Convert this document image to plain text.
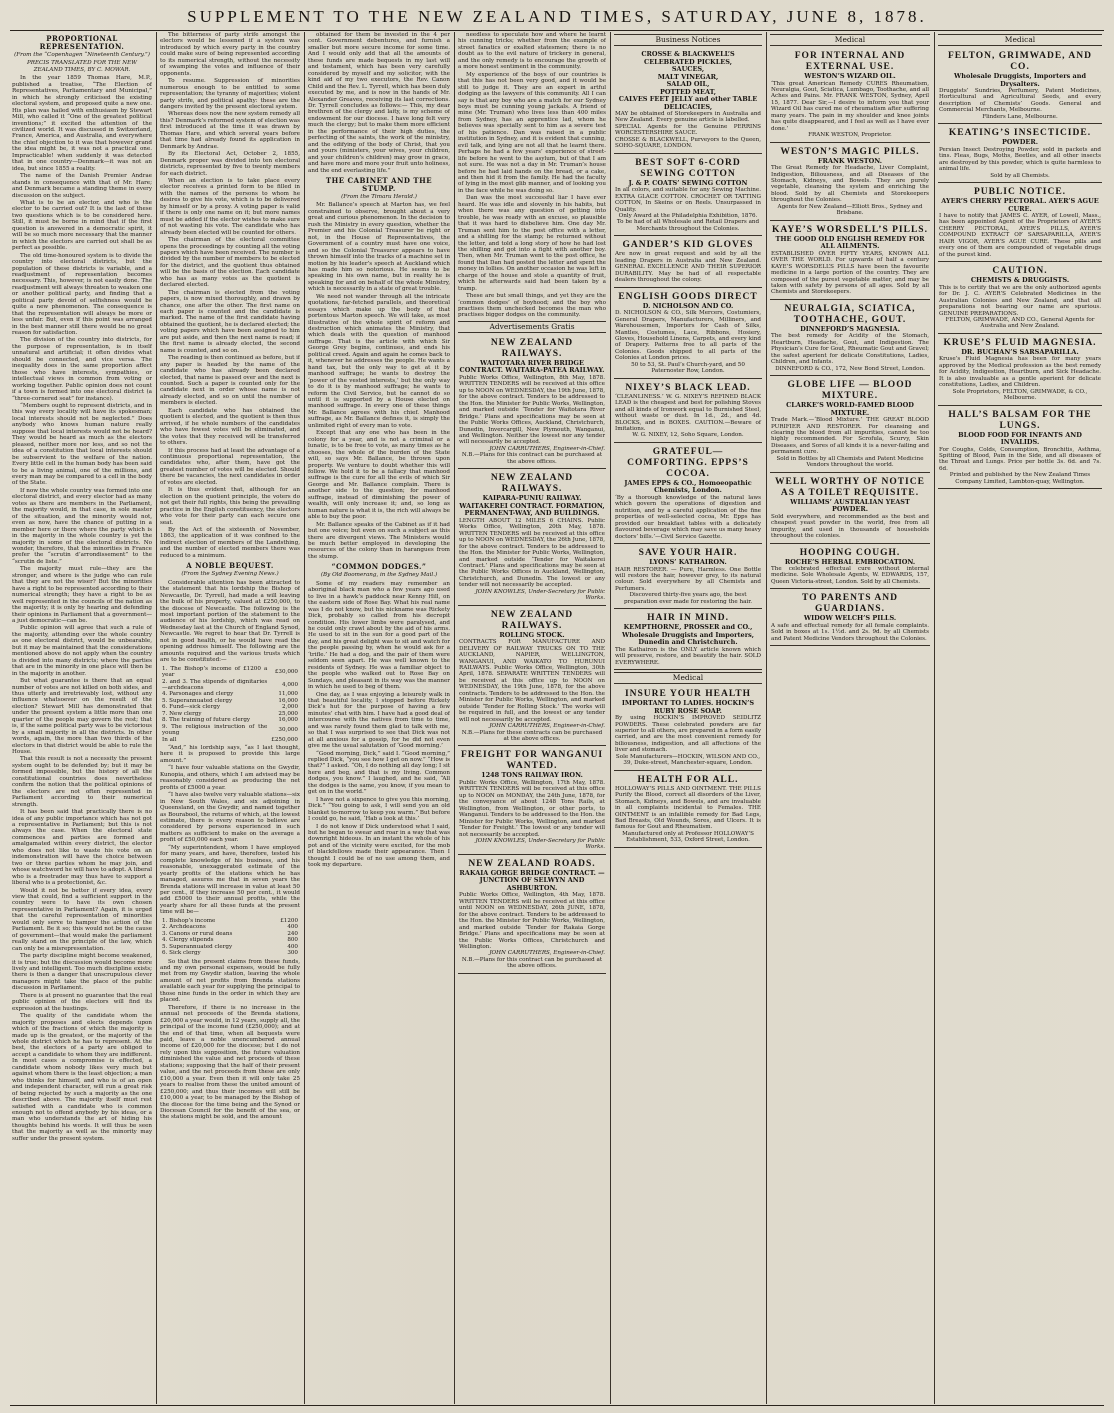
SUPPLEMENT TO THE NEW ZEALAND TIMES, SATURDAY, JUNE 8, 1878.
PROPORTIONAL REPRESENTATION.
(From the “Copenhagen “Nineteenth Century.”)
PRECIS TRANSLATED FOR THE NEW ZEALAND TIMES, BY C. MOWAR.

In the year 1859 Thomas Hare, M.P., published a treatise, “The Election of Representatives, Parliamentary and Municipal,” in which he strongly criticised the existing electoral system, and proposed quite a new one. His plan was hailed with enthusiasm by Stewart Mill, who called it “One of the greatest political inventions;” it excited the attention of the civilized world. It was discussed in Switzerland, France, America, and Australia, and everywhere the chief objection to it was that however grand the idea might be, it was not a practical one. Impracticable! when suddenly it was detected that in one country—Denmark—it was not an idea, but since 1855 a reality.

The name of the Danish Premier Andrae stands in consequence with that of Mr. Hare; and Denmark became a standing theme in every discussion on the subject.

What is to be an elector, and who is the elector to be carried out? It is the last of these two questions which is to be considered here. Still, it must be borne in mind that if the first question is answered in a democratic spirit, it will be so much more necessary that the manner in which the electors are carried out shall be as perfect as possible.

The old time-honoured system is to divide the country into electoral districts, but the population of these districts is variable, and a readjustment of representation becomes necessary. This, however, is not easily done. The readjustment will always threaten to weaken one or another political party, and finding that a political party devoid of selfishness would be quite a new phenomenon. The consequence is that the representation will always be more or less unfair. But, even if this point was arranged in the best manner still there would be no great reason for satisfaction.

The division of the country into districts, for the purpose of representation, is in itself unnatural and artificial; it often divides what should be connected, and vice versa. The inequality does in the same proportion affect those who have interests, sympathies, or intellectual views in common from voting or working together. Public opinion does not count if a town is formed into one electoral district (a “three-cornered seat” for instance).

“Members ought to represent districts, and in this way every locality will have its spokesman; local interests should not be neglected.” Does anybody who knows human nature really suppose that local interests would not be heard? They would be heard as much as the electors pleased, neither more nor less, and so not the idea of a constitution that local interests should be subservient to the welfare of the nation. Every little cell in the human body has been said to be a living animal, one of the millions, and every man may be compared to a cell in the body of the State.

If now the whole country was formed into one electoral district, and every elector had as many votes as there are members in the Parliament, the majority would, in that case, in sole master of the situation, and the minority would not, even as now, have the chance of putting in a member here or there where the party which is in the majority in the whole country is yet the majority in some of the electoral districts. No wonder, therefore, that the minorities in France prefer the “scrutin d’arrondissement” to the “scrutin de liste.”

The majority must rule—they are the stronger, and where is the judge who can rule that they are not the wiser? But the minorities have a right to be represented according to their numerical strength; they have a right to be as well represented in the councils of the nation as the majority; it is only by hearing and defending their opinions in Parliament that a government—a just democratic—can be.

Public opinion will agree that such a rule of the majority, attending over the whole country as one electoral district, would be unbearable, but it may be maintained that the considerations mentioned above do not apply when the country is divided into many districts; where the parties that are in the minority in one place will then be in the majority in another.

But what guarantee is there that an equal number of votes are not killed on both sides, and thus utterly and irretrievably lost, without any influence whatsoever on the result of the election? Stewart Mill has demonstrated that under the present system a little more than one quarter of the people may govern the rest; that is, if the same political party was to be victorious by a small majority in all the districts. In other words, again, the more than two thirds of the electors in that district would be able to rule the House.

That this result is not a necessity the present system ought to be defended by; but it may be formed impossible, but the history of all the constitutional countries does nevertheless confirm the notion that the political opinions of the electors are not often represented in Parliament according to their numerical strength.

It has been said that practically there is no idea of any public importance which has not got a representative in Parliament; but this is not always the case. When the electoral state commences and parties are formed and amalgamated within every district, the elector who does not like to waste his vote on an indemonstration will have the choice between two or three parties whom he may join, and whose watchword he will have to adopt. A liberal who is a freetrader may thus have to support a liberal who is a protectionist, &c.

Would it not be better if every idea, every view that could, find a sufficient support in the country were to have its own chosen representative in Parliament? Again, it is urged that the careful representation of minorities would only serve to hamper the action of the Parliament. Be it so; this would not be the cause of government—that would make the parliament really stand on the principle of the law, which can only be a misrepresentation.

The party discipline might become weakened, it is true; but the discussion would become more lively and intelligent. Too much discipline exists; there is then a danger that unscrupulous clever managers might take the place of the public discussion in Parliament.

There is at present no guarantee that the real public opinion of the electors will find its expression at the hustings.

The quality of the candidate whom the majority proposes and elects depends upon which of the fractions of which the majority is made up is the greatest, or the majority of the whole district which he has to represent. At the best, the electors of a party are obliged to accept a candidate to whom they are indifferent. In most cases a compromise is effected, a candidate whom nobody likes very much but against whom there is the least objection; a man who thinks for himself, and who is of an open and independent character, will run a great risk of being rejected by such a majority as the one described above. The majority itself must rest satisfied with a candidate who is common enough not to offend anybody by his ideas, or a man who understands the art of hiding his thoughts behind his words. It will thus be seen that the majority as well as the minority may suffer under the present system.

The bitterness of party strife amongst the electors would be lessened if a system was introduced by which every party in the country could make sure of being represented according to its numerical strength, without the necessity of swamping the votes and influence of their opponents.

To resume. Suppression of minorities numerous enough to be entitled to some representation; the tyranny of majorities; violent party strife, and political apathy: these are the dangers invited by the present electoral system.

Whereas does now the new system remedy all this? Denmark’s reformed system of election was first introduced at the time it was drawn by Thomas Hare, and which several years before that time had already found its application in Denmark by Andrae.

By its Electoral Act, October 2, 1855, Denmark proper was divided into ten electoral districts, represented by five to twenty members for each district.

When an election is to take place every elector receives a printed form to be filled in with the names of the persons to whom he desires to give his vote, which is to be delivered by himself or by a proxy. A voting paper is valid if there is only one name on it; but more names must be added if the elector wishes to make sure of not wasting his vote. The candidate who has already been elected will be counted for others.

The chairman of the electoral committee opens the proceedings by counting all the voting papers which have been received. The number is divided by the number of members to be elected for the district, and the quotient thus obtained will be the basis of the election. Each candidate who has as many votes as the quotient is declared elected.

The chairman is elected from the voting papers, is now mixed thoroughly, and drawn by chance, one after the other. The first name on each paper is counted and the candidate is marked. The name of the first candidate having obtained the quotient, he is declared elected; the voting papers which have been assigned to him are put aside, and then the next name is read; if the first name is already elected, the second name is counted, and so on.

The reading is then continued as before, but if any paper is headed by the name of the candidate who has already been declared elected, that name is passed over and the next is counted. Such a paper is counted only for the candidate next in order whose name is not already elected, and so on until the number of members is elected.

Each candidate who has obtained the quotient is elected, and the quotient is then thus arrived, if he whole numbers of the candidates who have fewest votes will be eliminated, and the votes that they received will be transferred to others.

If this process had at least the advantage of a continuous proportional representation, the candidates who, after them, have got the greatest number of votes will be elected. Should there be vacancies, the next candidates in order of votes are elected.

It is thus evident that, although for an election on the quotient principle, the voters do not get their full rights, this being the prevailing practice in the English constituency, the electors who vote for their party can each secure one seat.

By the Act of the sixteenth of November, 1863, the application of it was confined to the indirect election of members of the Landsthing, and the number of elected members there was reduced to a minimum.

A NOBLE BEQUEST.
(From the Sydney Evening News.)

Considerable attention has been attracted to the statement that his lordship the Bishop of Newcastle, Dr. Tyrrell, had made a will leaving the bulk of his property, valued at £250,000, to the diocese of Newcastle. The following is the most important portion of the statement to the audience of his lordship, which was read on Wednesday last at the Church of England Synod, Newcastle. We regret to hear that Dr. Tyrrell is not in good health, or he would have read the opening address himself. The following are the amounts required and the various trusts which are to be constituted:—

1. The Bishop’s income of £1200 a year	£30,000
2. and 3. The stipends of dignitaries—archdeacons	4,000
4. Parsonages and clergy	11,000
5. Superannuated clergy	16,000
6. Fund—sick clergy	2,000
7. New clergy	25,000
8. The training of future clergy	16,000
9. The religious instruction of the young	30,000
In all	£250,000

“And,” his lordship says, “as I last thought, here it is proposed to provide this large amount.”

“I have four valuable stations on the Gwydir, Kunopia, and others, which I am advised may be reasonably considered as producing the net profits of £5000 a year.

“I have also twelve very valuable stations—six in New South Wales, and six adjoining in Queensland, on the Gwydir, and named together as Bourabool, the returns of which, at the lowest estimate, there is every reason to believe are considered by persons experienced in such matters as sufficient to make on the average a profit of £50,000 each year.

“My superintendent, whom I have employed for many years, and have, therefore, tested his complete knowledge of his business, and his reasonable, unexaggerated estimate of the yearly profits of the stations which he has managed, assures me that in seven years the Brenda stations will increase in value at least 50 per cent., if they increase 50 per cent., it would add £5000 to their annual profits, while the yearly share for all these funds at the present time will be—

1. Bishop’s income	£1200
2. Archdeacons	400
3. Canons or rural deans	240
4. Clergy stipends	800
5. Superannuated clergy	400
6. Sick clergy	300

So that the present claims from these funds, and my own personal expenses, would be fully met from my Gwydir station, leaving the whole amount of net profits from Brenda stations available each year for supplying the principal to those nine funds in the order in which they are placed.

Therefore, if there is no increase in the annual net proceeds of the Brenda stations, £20,000 a year would, in 12 years, supply all, the principal of the income fund (£250,000); and at the end of that time, when all bequests were paid, leave a noble unencumbered annual income of £20,000 for the diocese; but I do not rely upon this supposition, the future valuation diminished the value and net proceeds of these stations; supposing that the half of their present value, and the net proceeds from these are only £10,000 a year. Even then it will only take 25 years to realise from these the united amount of £250,000; and thus their incomes will still be £10,000 a year, to be managed by the Bishop of the diocese for the time being and the Synod or Diocesan Council for the benefit of the sea, or the stations might be sold, and the amount

obtained for them be invested in the 4 per cent. Government debentures, and furnish a smaller but more secure income for some time. And I would only add that all the amounts of these funds are made bequests in my last will and testament, which has been very carefully considered by myself and my solicitor, with the kind aid of my two executors, the Rev. Canon Child and the Rev. L. Tyrrell, which has been duly executed by me, and is now in the hands of Mr. Alexander Greaves, receiving its last corrections. Dr. Tyrrell concludes as follows:— This, my dear brethren of the clergy and laity, is my scheme of endowment for our diocese. I have long felt very much the clergy; but to make them more efficient in the performance of their high duties, the perfecting of the saints, the work of the ministry, and the edifying of the body of Christ, that you and yours (ministers, your wives, your children, and your children’s children) may grow in grace, and have more and more your fruit unto holiness, and the end everlasting life.”

THE CABINET AND THE STUMP.
(From the Timaru Herald.)

Mr. Ballance’s speech at Marton has, we feel constrained to observe, brought about a very great and curious phenomenon. In the decision to rush the Ministry in every question, whether the Premier and his Colonial Treasurer be right or not, in the House of Representatives, the Government of a country must have one voice, and so the Colonial Treasurer appears to have thrown himself into the tracks of a machine set in motion by his leader’s speech at Auckland which has made him so notorious. He seems to be speaking in his own name, but in reality he is speaking for and on behalf of the whole Ministry, which is necessarily in a state of great trouble.

We need not wander through all the intricate quotations, far-fetched parallels, and theoretical essays which make up the body of that portentous Marton speech. We will take, as most illustrative of the whole spirit of reform and destruction which animates the Ministry, that which deals with the question of manhood suffrage. That is the article with which Sir George Grey begins, continues, and ends his political creed. Again and again he comes back to it, whenever he addresses the people. He wants a hand tax, but the only way to get at it by manhood suffrage; he wants to destroy the ‘power of the vested interests,’ but the only way to do it is by manhood suffrage; he wants to reform the Civil Service, but he cannot do so until it is supported by a House elected on manhood suffrage. In every one of these things Mr. Ballance agrees with his chief. Manhood suffrage, as Mr. Ballance defines it, is simply the unlimited right of every man to vote.

Except that any one who has been in the colony for a year, and is not a criminal or a lunatic, is to be free to vote, as many times as he chooses, the whole of the burden of the State will, so says Mr. Ballance, be thrown upon property. We venture to doubt whether this will follow. We hold it to be a fallacy that manhood suffrage is the cure for all the evils of which Sir George and Mr. Ballance complain. There is another side to the question; for manhood suffrage, instead of diminishing the power of wealth, will only increase it; and, so long as human nature is what it is, the rich will always be able to buy the poor.

Mr. Ballance speaks of the Cabinet as if it had but one voice; but even on such a subject as this there are divergent views. The Ministers would be much better employed in developing the resources of the colony than in harangues from the stump.

“COMMON DODGES.”
(By Old Boomerang, in the Sydney Mail.)

Some of my readers may remember an aboriginal black man who a few years ago used to live in a hawk’s paddock near Kenny Hill, on the eastern side of Rose Bay. What his real name was I do not know, but his nickname was Rickety Dick, probably so called from his decrepit condition. His lower limbs were paralysed, and he could only crawl about by the aid of his arms. He used to sit in the sun for a good part of the day, and his great delight was to sit and watch for the people passing by, when he would ask for a ‘trifle.’ He had a dog, and the pair of them were seldom seen apart. He was well known to the residents of Sydney. He was a familiar object to the people who walked out to Rose Bay on Sundays, and pleasant in its way was the manner in which he used to beg of them.

One day, as I was enjoying a leisurely walk in that beautiful locality, I stopped before Rickety Dick’s hut for the purpose of having a few minutes’ chat with him. I have had a good deal of intercourse with the natives from time to time, and was rarely found them glad to talk with me, so that I was surprised to see that Dick was not at all anxious for a gossip, for he did not even give me the usual salutation of ‘Good morning.’

“Good morning, Dick,” said I. “Good morning,” replied Dick, “you see how I get on now.” “How is that?” I asked. “Oh, I do nothing all day long; I sit here and beg, and that is my living. Common dodges, you know.” I laughed, and he said, “All the dodges is the same, you know, if you mean to get on in the world.”

I have not a sixpence to give you this morning, Dick.” “You going to ask, I will send you an old blanket to-morrow to keep you warm.” But before I could go, he said, ‘Hab a look at this.’

I do not know if Dick understood what I said, but he began to swear and roar in a way that was downright hideous. In an instant the whole of his pot and of the vicinity were excited, for the mob of blackfellows made their appearance. Then I thought I could be of no use among them, and took my departure.

needless to speculate how and where he learnt his cunning tricks; whether from the example of street fanatics or exalted statesmen; there is no doubt as to the evil nature of trickery in general, and the only remedy is to encourage the growth of a more honest sentiment in the community.

My experience of the boys of our countries is that this has not been very good, and it would be still to judge it. They are an expert in artful dodging as the lawyers of this community. All I can say is that any boy who are a match for our Sydney boys must be cunning young jackals. A friend of mine (Mr. Truman) who lives less than 400 miles from Sydney, has an apprentice lad, whom he believes was specially sent to him as a severe test of his patience. Dan was raised in a public institution in Sydney, and it is evident that cunning, evil talk, and lying are not all that he learnt there. Perhaps he had a few years’ experience of street-life before he went to the asylum, but of that I am not sure. He was not a day in Mr. Truman’s house before he had laid hands on the bread, or a cake, and then hid it from the family. He had the faculty of lying in the most glib manner, and of looking you in the face while he was doing so.

Dan was the most successful liar I have ever heard. He was idle and slovenly in his habits, but when there was any question of getting into trouble, he was ready with an excuse, so plausible that it was hard to disbelieve him. One day Mr. Truman sent him to the post office with a letter, and a shilling for the stamp; he returned without the letter, and told a long story of how he had lost the shilling and got into a fight with another boy. Then, when Mr. Truman went to the post office, he found that Dan had posted the letter and spent the money in lollies. On another occasion he was left in charge of the house and stole a quantity of fruit, which he afterwards said had been taken by a tramp.

These are but small things, and yet they are the ‘common dodges’ of boyhood; and the boy who practises them unchecked becomes the man who practises bigger dodges on the community.

Advertisements Gratis
NEW ZEALAND RAILWAYS.
WAITOTARA RIVER BRIDGE CONTRACT. WAITARA-PATEA RAILWAY.
Public Works Office, Wellington, 8th May, 1878. WRITTEN TENDERS will be received at this office up to NOON on WEDNESDAY, the 19th June, 1878, for the above contract. Tenders to be addressed to the Hon. the Minister for Public Works, Wellington, and marked outside ‘Tender for Waitotara River Bridge.’ Plans and specifications may be seen at the Public Works Offices, Auckland, Christchurch, Dunedin, Invercargill, New Plymouth, Wanganui, and Wellington. Neither the lowest nor any tender will necessarily be accepted.
JOHN CARRUTHERS, Engineer-in-Chief.
N.B.—Plans for this contract can be purchased at the above offices.
NEW ZEALAND RAILWAYS.
KAIPARA-PUNIU RAILWAY. WAITAKEREI CONTRACT. FORMATION, PERMANENT-WAY, AND BUILDINGS.
LENGTH ABOUT 12 MILES 6 CHAINS. Public Works Office, Wellington, 20th May, 1878. WRITTEN TENDERS will be received at this office up to NOON on WEDNESDAY, the 26th June, 1878, for the above contract. Tenders to be addressed to the Hon. the Minister for Public Works, Wellington, and marked outside ‘Tender for Waitakerei Contract.’ Plans and specifications may be seen at the Public Works Offices in Auckland, Wellington, Christchurch, and Dunedin. The lowest or any tender will not necessarily be accepted.
JOHN KNOWLES, Under-Secretary for Public Works.
NEW ZEALAND RAILWAYS.
ROLLING STOCK.
CONTRACTS FOR MANUFACTURE AND DELIVERY OF RAILWAY TRUCKS ON TO THE AUCKLAND, NAPIER, WELLINGTON, WANGANUI, AND WAIKATO TO HURUNUI RAILWAYS. Public Works Office, Wellington, 30th April, 1878. SEPARATE WRITTEN TENDERS will be received at this office up to NOON on WEDNESDAY, the 19th June, 1878, for the above contracts. Tenders to be addressed to the Hon. the Minister for Public Works, Wellington, and marked outside ‘Tender for Rolling Stock.’ The works will be required in full, and the lowest or any tender will not necessarily be accepted.
JOHN CARRUTHERS, Engineer-in-Chief.
N.B.—Plans for these contracts can be purchased at the above offices.
FREIGHT FOR WANGANUI WANTED.
1248 TONS RAILWAY IRON.
Public Works Office, Wellington, 17th May, 1878. WRITTEN TENDERS will be received at this office up to NOON on MONDAY, the 24th June, 1878, for the conveyance of about 1248 Tons Rails, at Wellington, from Wellington, or other ports, to Wanganui. Tenders to be addressed to the Hon. the Minister for Public Works, Wellington, and marked ‘Tender for Freight.’ The lowest or any tender will not necessarily be accepted.
JOHN KNOWLES, Under-Secretary for Public Works.
NEW ZEALAND ROADS.
RAKAIA GORGE BRIDGE CONTRACT. — JUNCTION OF SELWYN AND ASHBURTON.
Public Works Office, Wellington, 4th May, 1878. WRITTEN TENDERS will be received at this office until NOON on WEDNESDAY, 26th JUNE, 1878, for the above contract. Tenders to be addressed to the Hon. the Minister for Public Works, Wellington, and marked outside ‘Tender for Rakaia Gorge Bridge.’ Plans and specifications may be seen at the Public Works Offices, Christchurch and Wellington.
JOHN CARRUTHERS, Engineer-in-Chief.
N.B.—Plans for this contract can be purchased at the above offices.
Business Notices
CROSSE & BLACKWELL’S CELEBRATED PICKLES,
SAUCES,
MALT VINEGAR,
SALAD OIL,
POTTED MEAT,
CALVES FEET JELLY and other TABLE DELICACIES,
MAY be obtained of Storekeepers in Australia and New Zealand. Every genuine article is labelled.
SPECIAL Agents for the Genuine PERRINS WORCESTERSHIRE SAUCE.
CROSSE & BLACKWELL, Purveyors to the Queen, SOHO-SQUARE, LONDON.
BEST SOFT 6-CORD SEWING COTTON
J. & P. COATS’ SEWING COTTON
In all colors, and suitable for any Sewing Machine. EXTRA GLACE COTTON. CROCHET OR TATTING COTTON, In Skeins or on Reels. Unsurpassed in Quality.
Only Award at the Philadelphia Exhibition, 1876. To be had of all Wholesale and Retail Drapers and Merchants throughout the Colonies.
GANDER’S KID GLOVES
Are now in great request and sold by all the leading Drapers in Australia and New Zealand. GENERAL EXCELLENCE AND THEIR SUPERIOR DURABILITY. May be had of all respectable dealers throughout the colony.
ENGLISH GOODS DIRECT
D. NICHOLSON AND CO.
D. NICHOLSON & CO., Silk Mercers, Costumiers, General Drapers, Manufacturers, Milliners, and Warehousemen, Importers for Cash of Silks, Mantles, Costumes, Lace, Ribbons, Hosiery, Gloves, Household Linens, Carpets, and every kind of Drapery. Patterns free to all parts of the Colonies. Goods shipped to all parts of the Colonies at London prices.
50 to 53, St. Paul’s Church-yard, and 50 Paternoster Row, London.
NIXEY’S BLACK LEAD.
‘CLEANLINESS.’ W. G. NIXEY’S REFINED BLACK LEAD is the cheapest and best for polishing Stoves and all kinds of Ironwork equal to Burnished Steel, without waste or dust. In 1d., 2d., and 4d. BLOCKS, and in BOXES. CAUTION.—Beware of Imitations.
W. G. NIXEY, 12, Soho Square, London.
GRATEFUL—COMFORTING. EPPS’S COCOA.
JAMES EPPS & CO., Homoeopathic Chemists, London.
‘By a thorough knowledge of the natural laws which govern the operations of digestion and nutrition, and by a careful application of the fine properties of well-selected cocoa, Mr. Epps has provided our breakfast tables with a delicately flavoured beverage which may save us many heavy doctors’ bills.’—Civil Service Gazette.
SAVE YOUR HAIR.
LYONS’ KATHAIRON.
HAIR RESTORER. — Pure, Harmless. One Bottle will restore the hair, however grey, to its natural colour. Sold everywhere by all Chemists and Perfumers.
Discovered thirty-five years ago, the best preparation ever made for restoring the hair.
HAIR IN MIND.
KEMPTHORNE, PROSSER and CO., Wholesale Druggists and Importers, Dunedin and Christchurch.
The Kathairon is the ONLY article known which will preserve, restore, and beautify the hair. SOLD EVERYWHERE.
Medical
INSURE YOUR HEALTH
IMPORTANT TO LADIES. HOCKIN’S RUBY ROSE SOAP.
By using HOCKIN’S IMPROVED SEIDLITZ POWDERS. These celebrated powders are far superior to all others, are prepared in a form easily carried, and are the most convenient remedy for biliousness, indigestion, and all affections of the liver and stomach.
Sole Manufacturers—HOCKIN, WILSON AND CO., 39, Duke-street, Manchester-square, London.
HEALTH FOR ALL.
HOLLOWAY’S PILLS AND OINTMENT. THE PILLS Purify the Blood, correct all disorders of the Liver, Stomach, Kidneys, and Bowels, and are invaluable in all complaints incidental to Females. THE OINTMENT is an infallible remedy for Bad Legs, Bad Breasts, Old Wounds, Sores, and Ulcers. It is famous for Gout and Rheumatism.
Manufactured only at Professor HOLLOWAY’S Establishment, 533, Oxford Street, London.
Medical
FOR INTERNAL AND EXTERNAL USE.
WESTON’S WIZARD OIL.
‘This great American Remedy CURES Rheumatism, Neuralgia, Gout, Sciatica, Lumbago, Toothache, and all Aches and Pains. Mr. FRANK WESTON, Sydney, April 15, 1877. Dear Sir,—I desire to inform you that your Wizard Oil has cured me of rheumatism after suffering many years. The pain in my shoulder and knee joints has quite disappeared, and I feel as well as I have ever done.’
FRANK WESTON, Proprietor.
WESTON’S MAGIC PILLS.
FRANK WESTON.
The Great Remedy for Headache, Liver Complaint, Indigestion, Biliousness, and all Diseases of the Stomach, Kidneys, and Bowels. They are purely vegetable, cleansing the system and enriching the blood. Sold by all Chemists and Storekeepers throughout the Colonies.
Agents for New Zealand—Elliott Bros., Sydney and Brisbane.
KAYE’S WORSDELL’S PILLS.
THE GOOD OLD ENGLISH REMEDY FOR ALL AILMENTS.
ESTABLISHED OVER FIFTY YEARS, KNOWN ALL OVER THE WORLD. For upwards of half a century KAYE’S WORSDELL’S PILLS have been the favourite medicine in a large portion of the country. They are composed of the purest vegetable matter, and may be taken with safety by persons of all ages. Sold by all Chemists and Storekeepers.
NEURALGIA, SCIATICA, TOOTHACHE, GOUT.
DINNEFORD’S MAGNESIA.
The best remedy for Acidity of the Stomach, Heartburn, Headache, Gout, and Indigestion. The Physician’s Cure for Gout, Rheumatic Gout and Gravel; the safest aperient for delicate Constitutions, Ladies, Children, and Infants.
DINNEFORD & CO., 172, New Bond Street, London.
GLOBE LIFE — BLOOD MIXTURE.
CLARKE’S WORLD-FAMED BLOOD MIXTURE.
Trade Mark.—‘Blood Mixture.’ THE GREAT BLOOD PURIFIER AND RESTORER. For cleansing and clearing the blood from all impurities, cannot be too highly recommended. For Scrofula, Scurvy, Skin Diseases, and Sores of all kinds it is a never-failing and permanent cure.
Sold in Bottles by all Chemists and Patent Medicine Vendors throughout the world.
WELL WORTHY OF NOTICE AS A TOILET REQUISITE.
WILLIAMS’ AUSTRALIAN YEAST POWDER.
Sold everywhere, and recommended as the best and cheapest yeast powder in the world, free from all impurity, and used in thousands of households throughout the colonies.
HOOPING COUGH.
ROCHE’S HERBAL EMBROCATION.
The celebrated effectual cure without internal medicine. Sole Wholesale Agents, W. EDWARDS, 157, Queen Victoria-street, London. Sold by all Chemists.
TO PARENTS AND GUARDIANS.
WIDOW WELCH’S PILLS.
A safe and effectual remedy for all female complaints. Sold in boxes at 1s. 1½d. and 2s. 9d. by all Chemists and Patent Medicine Vendors throughout the Colonies.
Medical
FELTON, GRIMWADE, AND CO.
Wholesale Druggists, Importers and Drysalters.
Druggists’ Sundries, Perfumery, Patent Medicines, Horticultural and Agricultural Seeds, and every description of Chemists’ Goods. General and Commercial Merchants, Melbourne.
Flinders Lane, Melbourne.
KEATING’S INSECTICIDE.
POWDER.
Persian Insect Destroying Powder, sold in packets and tins. Fleas, Bugs, Moths, Beetles, and all other insects are destroyed by this powder, which is quite harmless to animal life.
Sold by all Chemists.
PUBLIC NOTICE.
AYER’S CHERRY PECTORAL. AYER’S AGUE CURE.
I have to notify that JAMES C. AYER, of Lowell, Mass., has been appointed Agent of the Proprietors of AYER’S CHERRY PECTORAL, AYER’S PILLS, AYER’S COMPOUND EXTRACT OF SARSAPARILLA, AYER’S HAIR VIGOR, AYER’S AGUE CURE. These pills and every one of them are compounded of vegetable drugs of the purest kind.
CAUTION.
CHEMISTS & DRUGGISTS.
This is to certify that we are the only authorized agents for Dr. J. C. AYER’S Celebrated Medicines in the Australian Colonies and New Zealand, and that all preparations not bearing our name are spurious. GENUINE PREPARATIONS.
FELTON, GRIMWADE, AND CO., General Agents for Australia and New Zealand.
KRUSE’S FLUID MAGNESIA.
DR. BUCHAN’S SARSAPARILLA.
Kruse’s Fluid Magnesia has been for many years approved by the Medical profession as the best remedy for Acidity, Indigestion, Heartburn, and Sick Headache. It is also invaluable as a gentle aperient for delicate constitutions, Ladies, and Children.
Sole Proprietors, FELTON, GRIMWADE, & CO., Melbourne.
HALL’S BALSAM FOR THE LUNGS.
BLOOD FOOD FOR INFANTS AND INVALIDS.
For Coughs, Colds, Consumption, Bronchitis, Asthma, Spitting of Blood, Pain in the Side, and all diseases of the Throat and Lungs. Price per bottle 3s. 6d. and 7s. 6d.
Printed and published by the New Zealand Times Company Limited, Lambton-quay, Wellington.
